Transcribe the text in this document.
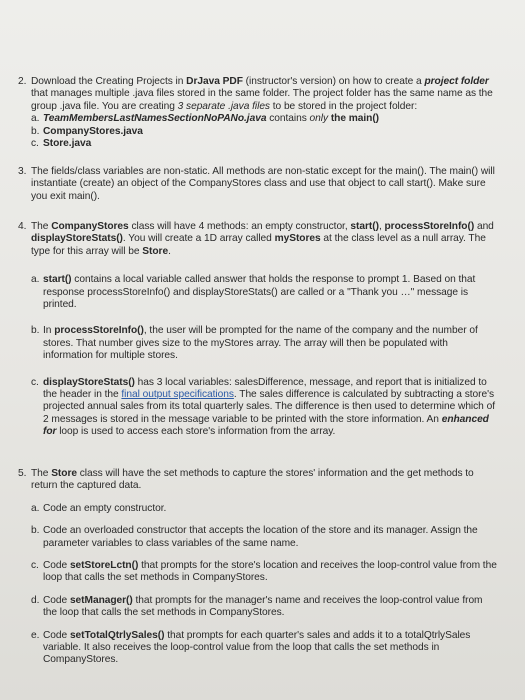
2. Download the Creating Projects in DrJava PDF (instructor's version) on how to create a project folder that manages multiple .java files stored in the same folder. The project folder has the same name as the group .java file. You are creating 3 separate .java files to be stored in the project folder:
a. TeamMembersLastNamesSectionNoPANo.java contains only the main()
b. CompanyStores.java
c. Store.java
3. The fields/class variables are non-static. All methods are non-static except for the main(). The main() will instantiate (create) an object of the CompanyStores class and use that object to call start(). Make sure you exit main().
4. The CompanyStores class will have 4 methods: an empty constructor, start(), processStoreInfo() and displayStoreStats(). You will create a 1D array called myStores at the class level as a null array. The type for this array will be Store.
a. start() contains a local variable called answer that holds the response to prompt 1. Based on that response processStoreInfo() and displayStoreStats() are called or a "Thank you …" message is printed.
b. In processStoreInfo(), the user will be prompted for the name of the company and the number of stores. That number gives size to the myStores array. The array will then be populated with information for multiple stores.
c. displayStoreStats() has 3 local variables: salesDifference, message, and report that is initialized to the header in the final output specifications. The sales difference is calculated by subtracting a store's projected annual sales from its total quarterly sales. The difference is then used to determine which of 2 messages is stored in the message variable to be printed with the store information. An enhanced for loop is used to access each store's information from the array.
5. The Store class will have the set methods to capture the stores' information and the get methods to return the captured data.
a. Code an empty constructor.
b. Code an overloaded constructor that accepts the location of the store and its manager. Assign the parameter variables to class variables of the same name.
c. Code setStoreLctn() that prompts for the store's location and receives the loop-control value from the loop that calls the set methods in CompanyStores.
d. Code setManager() that prompts for the manager's name and receives the loop-control value from the loop that calls the set methods in CompanyStores.
e. Code setTotalQtrlySales() that prompts for each quarter's sales and adds it to a totalQtrlySales variable. It also receives the loop-control value from the loop that calls the set methods in CompanyStores.
